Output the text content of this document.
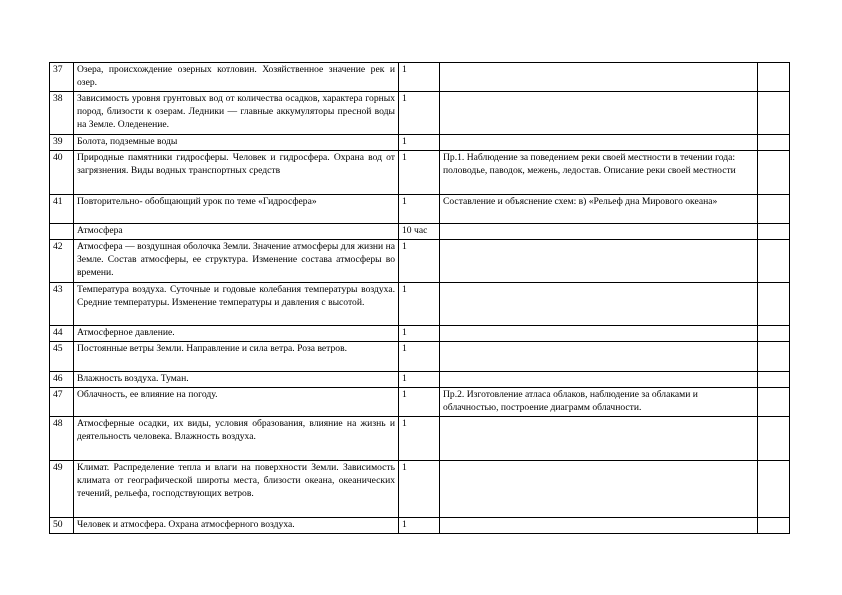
37	Озера, происхождение озерных котловин. Хозяйственное значение рек и озер.	1		
38	Зависимость уровня грунтовых вод от количества осадков, характера горных пород, близости к озерам. Ледники — главные аккумуляторы пресной воды на Земле. Оледенение.	1		
39	Болота, подземные воды	1		
40	Природные памятники гидросферы. Человек и гидросфера. Охрана вод от загрязнения. Виды водных транспортных средств	1	Пр.1. Наблюдение за поведением реки своей местности в течении года: половодье, паводок, межень, ледостав. Описание реки своей местности	
41	Повторительно- обобщающий урок по теме «Гидросфера»	1	Составление и объяснение схем: в) «Рельеф дна Мирового океана»	
	Атмосфера	10 час		
42	Атмосфера — воздушная оболочка Земли. Значение атмосферы для жизни на Земле. Состав атмосферы, ее структура. Изменение состава атмосферы во времени.	1		
43	Температура воздуха. Суточные и годовые колебания температуры воздуха. Средние температуры. Изменение температуры и давления с высотой.	1		
44	Атмосферное давление.	1		
45	Постоянные ветры Земли. Направление и сила ветра. Роза ветров.	1		
46	Влажность воздуха. Туман.	1		
47	Облачность, ее влияние на погоду.	1	Пр.2. Изготовление атласа облаков, наблюдение за облаками и облачностью, построение диаграмм облачности.	
48	Атмосферные осадки, их виды, условия образования, влияние на жизнь и деятельность человека. Влажность воздуха.	1		
49	Климат. Распределение тепла и влаги на поверхности Земли. Зависимость климата от географической широты места, близости океана, океанических течений, рельефа, господствующих ветров.	1		
50	Человек и атмосфера. Охрана атмосферного воздуха.	1		
